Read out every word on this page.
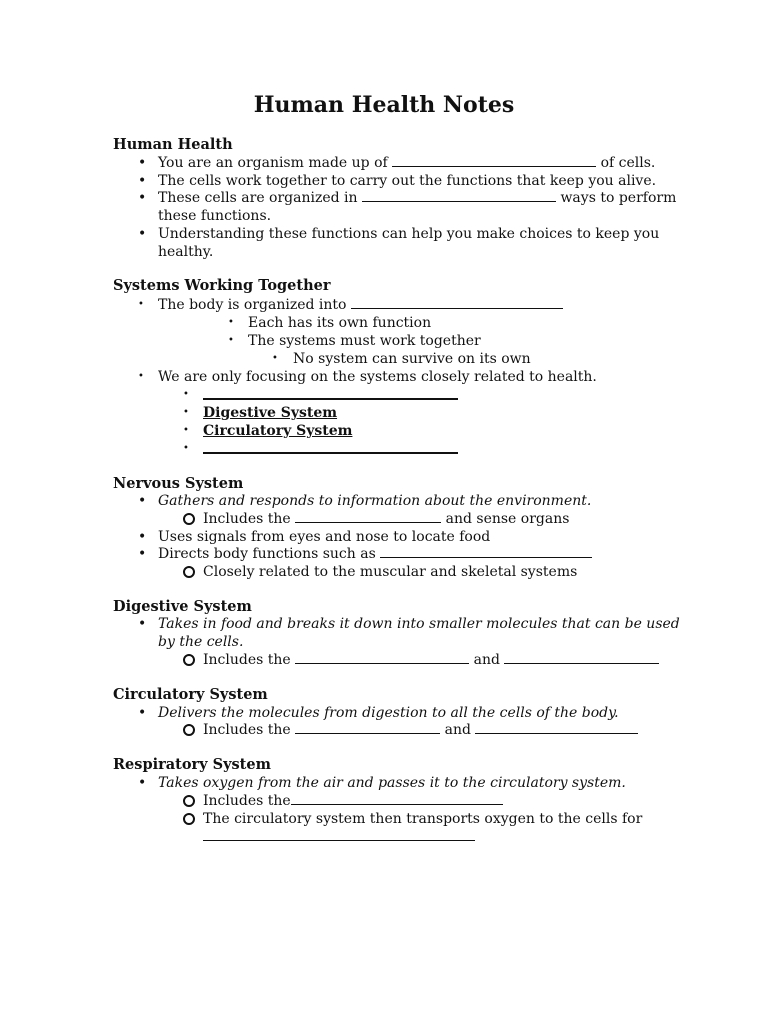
Human Health Notes
Human Health
• You are an organism made up of	of cells.
• The cells work together to carry out the functions that keep you alive.
• These cells are organized in	ways to perform
these functions.
• Understanding these functions can help you make choices to keep you
healthy.
Systems Working Together
• The body is organized into
• Each has its own function
• The systems must work together
• No system can survive on its own
• We are only focusing on the systems closely related to health.
•
• Digestive System
• Circulatory System
•
Nervous System
• Gathers and responds to information about the environment.
Includes the	and sense organs
• Uses signals from eyes and nose to locate food
• Directs body functions such as
Closely related to the muscular and skeletal systems
Digestive System
• Takes in food and breaks it down into smaller molecules that can be used
by the cells.
Includes the	and
Circulatory System
• Delivers the molecules from digestion to all the cells of the body.
Includes the	and
Respiratory System
• Takes oxygen from the air and passes it to the circulatory system.
Includes the
The circulatory system then transports oxygen to the cells for
